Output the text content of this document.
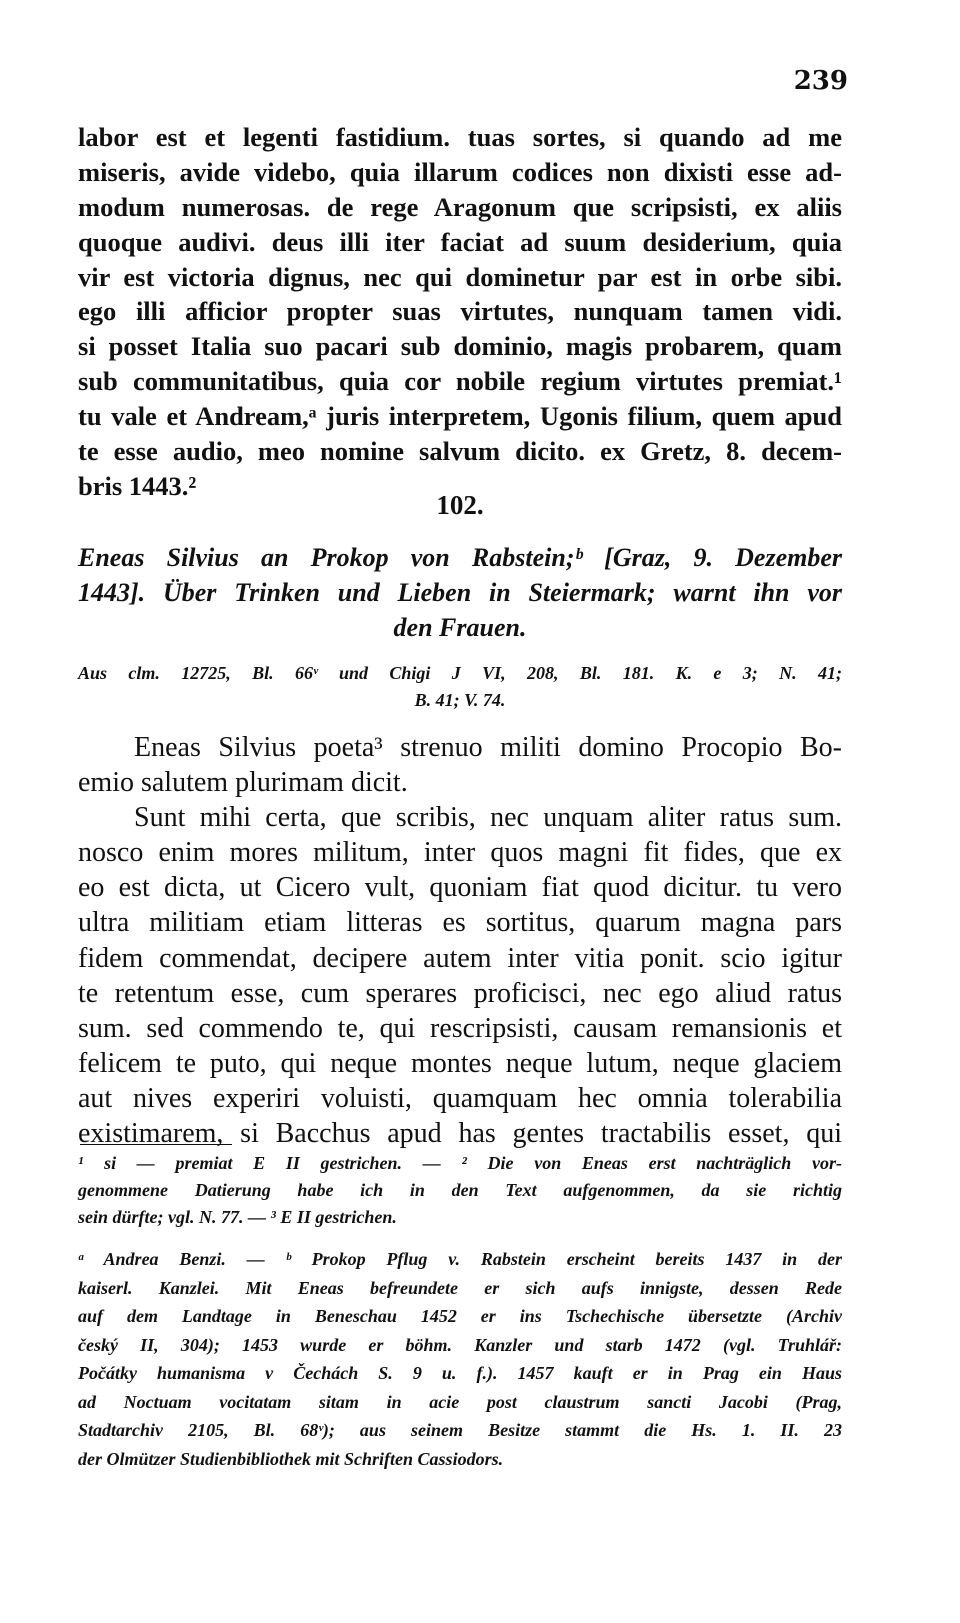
239

labor est et legenti fastidium. tuas sortes, si quando ad me

miseris, avide videbo, quia illarum codices non dixisti esse ad-

modum numerosas. de rege Aragonum que scripsisti, ex aliis

quoque audivi. deus illi iter faciat ad suum desiderium, quia

vir est victoria dignus, nec qui dominetur par est in orbe sibi.

ego illi afficior propter suas virtutes, nunquam tamen vidi.

si posset Italia suo pacari sub dominio, magis probarem, quam

sub communitatibus, quia cor nobile regium virtutes premiat.¹

tu vale et Andream,ᵃ juris interpretem, Ugonis filium, quem apud

te esse audio, meo nomine salvum dicito. ex Gretz, 8. decem-

bris 1443.²

102.

Eneas Silvius an Prokop von Rabstein;ᵇ [Graz, 9. Dezember

1443]. Über Trinken und Lieben in Steiermark; warnt ihn vor

den Frauen.

Aus clm. 12725, Bl. 66ᵛ und Chigi J VI, 208, Bl. 181. K. e 3; N. 41;

B. 41; V. 74.

Eneas Silvius poeta³ strenuo militi domino Procopio Bo-

emio salutem plurimam dicit.

Sunt mihi certa, que scribis, nec unquam aliter ratus sum.

nosco enim mores militum, inter quos magni fit fides, que ex

eo est dicta, ut Cicero vult, quoniam fiat quod dicitur. tu vero

ultra militiam etiam litteras es sortitus, quarum magna pars

fidem commendat, decipere autem inter vitia ponit. scio igitur

te retentum esse, cum sperares proficisci, nec ego aliud ratus

sum. sed commendo te, qui rescripsisti, causam remansionis et

felicem te puto, qui neque montes neque lutum, neque glaciem

aut nives experiri voluisti, quamquam hec omnia tolerabilia

existimarem, si Bacchus apud has gentes tractabilis esset, qui

¹ si — premiat E II gestrichen. — ² Die von Eneas erst nachträglich vor-

genommene Datierung habe ich in den Text aufgenommen, da sie richtig

sein dürfte; vgl. N. 77. — ³ E II gestrichen.

ᵃ Andrea Benzi. — ᵇ Prokop Pflug v. Rabstein erscheint bereits 1437 in der

kaiserl. Kanzlei. Mit Eneas befreundete er sich aufs innigste, dessen Rede

auf dem Landtage in Beneschau 1452 er ins Tschechische übersetzte (Archiv

český II, 304); 1453 wurde er böhm. Kanzler und starb 1472 (vgl. Truhlář:

Počátky humanisma v Čechách S. 9 u. f.). 1457 kauft er in Prag ein Haus

ad Noctuam vocitatam sitam in acie post claustrum sancti Jacobi (Prag,

Stadtarchiv 2105, Bl. 68ᵛ); aus seinem Besitze stammt die Hs. 1. II. 23

der Olmützer Studienbibliothek mit Schriften Cassiodors.
